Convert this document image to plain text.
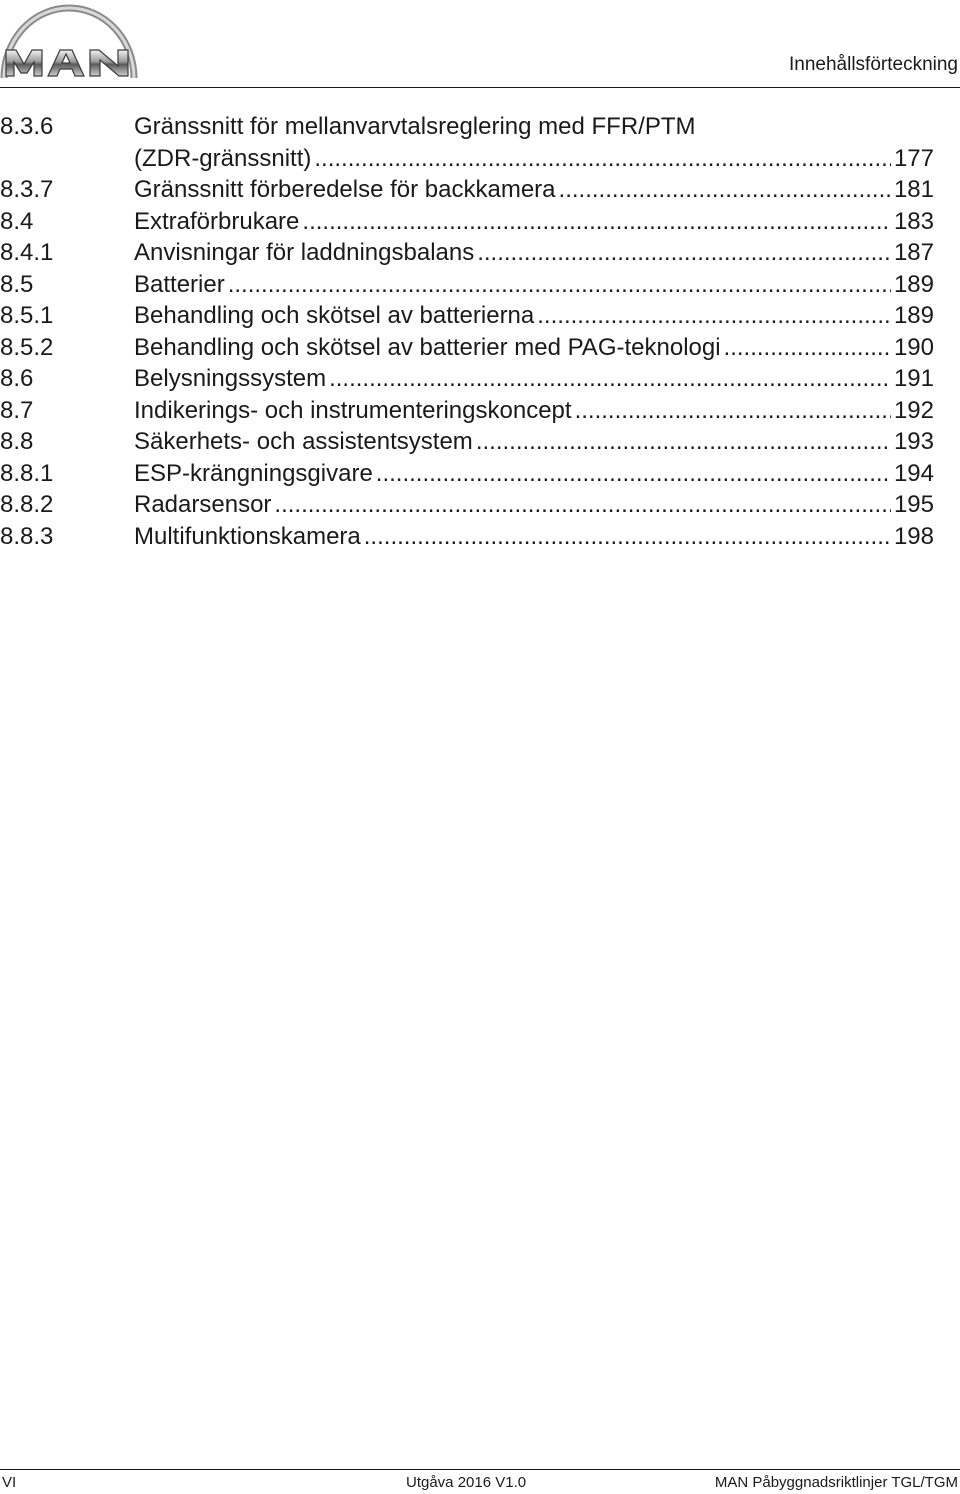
Innehållsförteckning
8.3.6	Gränssnitt för mellanvarvtalsreglering med FFR/PTM
(ZDR-gränssnitt) .....	177
8.3.7	Gränssnitt förberedelse för backkamera .....	181
8.4	Extraförbrukare .....	183
8.4.1	Anvisningar för laddningsbalans .....	187
8.5	Batterier .....	189
8.5.1	Behandling och skötsel av batterierna .....	189
8.5.2	Behandling och skötsel av batterier med PAG-teknologi .....	190
8.6	Belysningssystem .....	191
8.7	Indikerings- och instrumenteringskoncept .....	192
8.8	Säkerhets- och assistentsystem .....	193
8.8.1	ESP-krängningsgivare .....	194
8.8.2	Radarsensor .....	195
8.8.3	Multifunktionskamera .....	198
VI	Utgåva 2016 V1.0	MAN Påbyggnadsriktlinjer TGL/TGM
